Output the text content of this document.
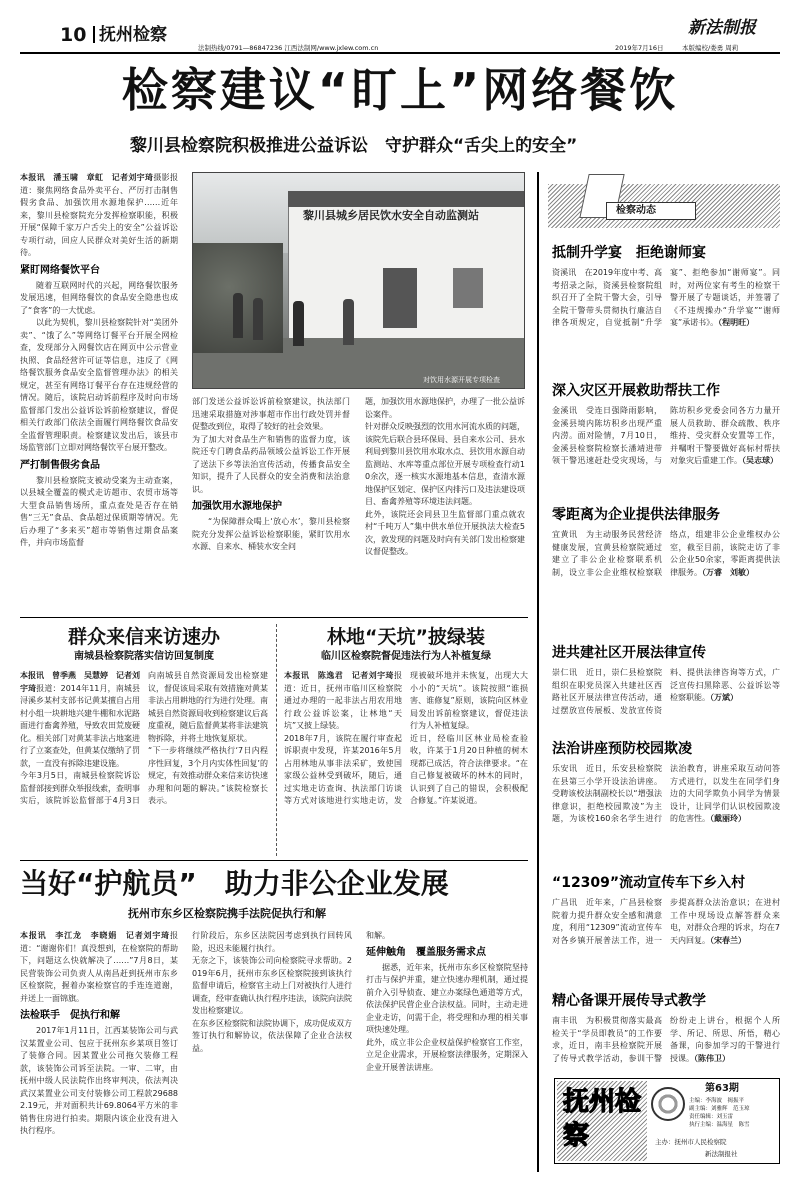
10 抚州检察
法制热线/0791—86847236 江西法制网/www.jxlew.com.cn
新法制报
2019年7月16日	本版编校/娄勇 周莉
检察建议“盯上”网络餐饮
黎川县检察院积极推进公益诉讼　守护群众“舌尖上的安全”
本报讯　潘玉啸　章虹　记者刘宇琦摄影报道：聚焦网络食品外卖平台、严厉打击制售假劣食品、加强饮用水源地保护……近年来，黎川县检察院充分发挥检察职能，积极开展“保障千家万户舌尖上的安全”公益诉讼专项行动，回应人民群众对美好生活的新期待。
紧盯网络餐饮平台
随着互联网时代的兴起，网络餐饮服务发展迅速，但网络餐饮的食品安全隐患也成了“食客”的一大忧虑。
以此为契机，黎川县检察院针对“美团外卖”、“饿了么”等网络订餐平台开展全网检查，发现部分入网餐饮店在网页中公示营业执照、食品经营许可证等信息，违反了《网络餐饮服务食品安全监督管理办法》的相关规定，甚至有网络订餐平台存在违规经营的情况。随后，该院启动诉前程序及时向市场监督部门发出公益诉讼诉前检察建议，督促相关行政部门依法全面履行网络餐饮食品安全监督管理职责。检察建议发出后，该县市场监管部门立即对网络餐饮平台展开整改。
严打制售假劣食品
黎川县检察院支被动受案为主动查案，以县城全覆盖的模式走访超市、农贸市场等大型食品销售场所，重点查处是否存在销售“三无”食品、食品超过保质期等情况。先后办理了“多来买”超市等销售过期食品案件，并向市场监督
黎川县城乡居民饮水安全自动监测站
对饮用水源开展专项检查
部门发送公益诉讼诉前检察建议，执法部门迅速采取措施对涉事超市作出行政处罚并督促整改到位，取得了较好的社会效果。
为了加大对食品生产和销售的监督力度，该院还专门聘食品药品领域公益诉讼工作开展了送法下乡等法治宣传活动，传播食品安全知识，提升了人民群众的安全消费和法治意识。
加强饮用水源地保护
“为保障群众喝上‘放心水’，黎川县检察院充分发挥公益诉讼检察职能，紧盯饮用水水源、自来水、桶装水安全问
题，加强饮用水源地保护，办理了一批公益诉讼案件。
针对群众反映强烈的饮用水河流水质的问题，该院先后联合县环保局、县自来水公司、县水利局到黎川县饮用水取水点、县饮用水源自动监测站、水库等重点部位开展专项检查行动10余次，逐一核实水源地基本信息，查清水源地保护区划定、保护区内排污口及违法建设项目、畜禽养殖等环境违法问题。
此外，该院还会同县卫生监督部门重点就农村“千吨万人”集中供水单位开展执法大检查5次，敦发现的问题及时向有关部门发出检察建议督促整改。
群众来信来访速办
南城县检察院落实信访回复制度
本报讯　曾季燕　吴慧婷　记者刘宇琦报道：2014年11月，南城县浔溪乡某村支部书记黄某擅自占用村小组一块耕地兴建牛棚和水泥路面进行畜禽养殖，导致农田荒废硬化。相关部门对黄某非法占地案进行了立案查处，但黄某仅缴纳了罚款，一直没有拆除违建设施。
今年3月5日，南城县检察院诉讼监督部接到群众举报线索，查明事实后，该院诉讼监督部于4月3日向南城县自然资源局发出检察建议，督促该局采取有效措施对黄某非法占用耕地的行为进行处理。南城县自然资源局收到检察建议后高度重视，随后监督黄某将非法建筑物拆除，并将土地恢复原状。
“下一步将继续严格执行‘7日内程序性回复，3个月内实体性回复’的规定，有效推动群众来信来访快速办理和问题的解决。”该院检察长表示。
林地“天坑”披绿装
临川区检察院督促违法行为人补植复绿
本报讯　陈逸君　记者刘宇琦报道：近日，抚州市临川区检察院通过办理的一起非法占用农用地行政公益诉讼案，让林地“天坑”又披上绿装。
2018年7月，该院在履行审查起诉职责中发现，许某2016年5月占用林地从事非法采矿，致使国家级公益林受到破坏，随后，通过实地走访查询、执法部门访谈等方式对该地进行实地走访，发现被破坏地并未恢复，出现大大小小的“天坑”。该院按照“谁损害、谁修复”原则，该院向区林业局发出诉前检察建议，督促违法行为人补植复绿。
近日，经临川区林业局检查验收，许某于1月20日种植的树木现都已成活，符合法律要求。“在自己修复被破坏的林木的同时，认识到了自己的错误，会积极配合修复。”许某说道。
当好“护航员”　助力非公企业发展
抚州市东乡区检察院携手法院促执行和解
本报讯　李江龙　李晓娟　记者刘宇琦报道：“谢谢你们！真没想到，在检察院的帮助下，问题这么快就解决了……”7月8日，某民营装饰公司负责人从南昌赶到抚州市东乡区检察院，握着办案检察官的手连连道谢，并送上一面锦旗。
法检联手　促执行和解
2017年1月11日，江西某装饰公司与武汉某置业公司、包应于抚州东乡某项目签订了装修合同。因某置业公司拖欠装修工程款，该装饰公司诉至法院。一审、二审，由抚州中级人民法院作出终审判决，依法判决武汉某置业公司支付装修公司工程款296882.19元，并对面积共计69.8064平方米的非销售住房进行拍卖。期限内该企业没有进入执行程序。
行阶段后，东乡区法院因考虑到执行回转风险，迟迟未能履行执行。
无奈之下，该装饰公司向检察院寻求帮助。2019年6月，抚州市东乡区检察院接到该执行监督申请后，检察官主动上门对被执行人进行调查，经审查确认执行程序违法，该院向法院发出检察建议。
在东乡区检察院和法院协调下，成功促成双方签订执行和解协议，依法保障了企业合法权益。
和解。
延伸触角　覆盖服务需求点
据悉，近年来，抚州市东乡区检察院坚持打击与保护并重，建立快速办理机制，通过提前介入引导侦查、建立办案绿色通道等方式，依法保护民营企业合法权益。同时，主动走进企业走访，问需于企，将受理和办理的相关事项快速处理。
此外，成立非公企业权益保护检察官工作室，立足企业需求，开展检察法律服务，定期深入企业开展普法讲座。
检察动态
抵制升学宴　拒绝谢师宴
资溪讯　在2019年度中考、高考招录之际，资溪县检察院组织召开了全院干警大会，引导全院干警带头贯彻执行廉洁自律各项规定，自觉抵制“升学宴”、拒绝参加“谢师宴”。同时，对两位家有考生的检察干警开展了专题谈话，并签署了《不违规操办“升学宴”“谢师宴”承诺书》。（程明旺）
深入灾区开展救助帮扶工作
金溪讯　受连日强降雨影响，金溪县境内陈坊积乡出现严重内涝。面对险情，7月10日，金溪县检察院检察长潘靖进带领干警迅速赶赴受灾现场，与陈坊积乡党委会同各方力量开展人员救助、群众疏散、秩序维持、受灾群众安置等工作，并嘱咐干警要做好高标村帮扶对象灾后重建工作。（吴志球）
零距离为企业提供法律服务
宜黄讯　为主动服务民营经济健康发展，宜黄县检察院通过建立了非公企业检察联系机制，设立非公企业维权检察联络点，组建非公企业维权办公室，截至目前，该院走访了非公企业50余家，零距离提供法律服务。（万睿　刘敏）
进共建社区开展法律宣传
崇仁讯　近日，崇仁县检察院组织在职党员深入共建社区西路社区开展法律宣传活动，通过摆放宣传展板、发放宣传资料、提供法律咨询等方式，广泛宣传扫黑除恶、公益诉讼等检察职能。（万斌）
法治讲座预防校园欺凌
乐安讯　近日，乐安县检察院在县第三小学开设法治讲座。受聘该校法制副校长以“增强法律意识，拒绝校园欺凌”为主题，为该校160余名学生进行法治教育，讲座采取互动问答方式进行，以发生在同学们身边的大同学欺负小同学为情景设计，让同学们认识校园欺凌的危害性。（戴丽玲）
“12309”流动宣传车下乡入村
广昌讯　近年来，广昌县检察院着力提升群众安全感和满意度，利用“12309”流动宣传车对各乡镇开展普法工作，进一步提高群众法治意识；在进村工作中现场设点解答群众来电，对群众合理的诉求，均在7天内回复。（宋春兰）
精心备课开展传导式教学
南丰讯　为积极贯彻落实最高检关于“学员即教员”的工作要求，近日，南丰县检察院开展了传导式教学活动，参训干警纷纷走上讲台，根据个人所学、所记、所思、所悟，精心备课，向参加学习的干警进行授课。（陈伟卫）
抚州检察
第63期
主编：李海波　揭振平
副主编：刘雅辉　范玉琼
责任编辑：刘玉雷
执行主编：温海星　陈雪
主办：抚州市人民检察院
新法制报社
